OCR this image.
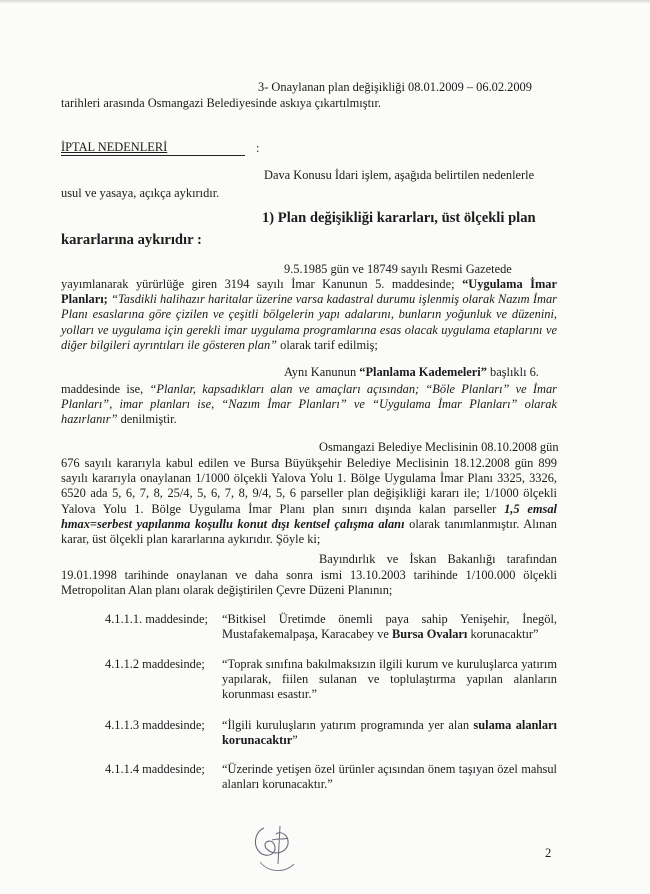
3- Onaylanan plan değişikliği 08.01.2009 – 06.02.2009
tarihleri arasında Osmangazi Belediyesinde askıya çıkartılmıştır.
İPTAL NEDENLERİ	:
Dava Konusu İdari işlem, aşağıda belirtilen nedenlerle
usul ve yasaya, açıkça aykırıdır.
1) Plan değişikliği kararları, üst ölçekli plan
kararlarına aykırıdır :
9.5.1985 gün ve 18749 sayılı Resmi Gazetede

yayımlanarak yürürlüğe giren 3194 sayılı İmar Kanunun 5. maddesinde; “Uygulama İmar Planları; “Tasdikli halihazır haritalar üzerine varsa kadastral durumu işlenmiş olarak Nazım İmar Planı esaslarına göre çizilen ve çeşitli bölgelerin yapı adalarını, bunların yoğunluk ve düzenini, yolları ve uygulama için gerekli imar uygulama programlarına esas olacak uygulama etaplarını ve diğer bilgileri ayrıntıları ile gösteren plan” olarak tarif edilmiş;

Aynı Kanunun “Planlama Kademeleri” başlıklı 6.

maddesinde ise, “Planlar, kapsadıkları alan ve amaçları açısından; “Böle Planları” ve İmar Planları”, imar planları ise, “Nazım İmar Planları” ve “Uygulama İmar Planları” olarak hazırlanır” denilmiştir.

Osmangazi Belediye Meclisinin 08.10.2008 gün

676 sayılı kararıyla kabul edilen ve Bursa Büyükşehir Belediye Meclisinin 18.12.2008 gün 899 sayılı kararıyla onaylanan 1/1000 ölçekli Yalova Yolu 1. Bölge Uygulama İmar Planı 3325, 3326, 6520 ada 5, 6, 7, 8, 25/4, 5, 6, 7, 8, 9/4, 5, 6 parseller plan değişikliği kararı ile; 1/1000 ölçekli Yalova Yolu 1. Bölge Uygulama İmar Planı plan sınırı dışında kalan parseller 1,5 emsal hmax=serbest yapılanma koşullu konut dışı kentsel çalışma alanı olarak tanımlanmıştır. Alınan karar, üst ölçekli plan kararlarına aykırıdır. Şöyle ki;

Bayındırlık ve İskan Bakanlığı tarafından

19.01.1998 tarihinde onaylanan ve daha sonra ismi 13.10.2003 tarihinde 1/100.000 ölçekli Metropolitan Alan planı olarak değiştirilen Çevre Düzeni Planının;

4.1.1.1. maddesinde;	“Bitkisel Üretimde önemli paya sahip Yenişehir, İnegöl, Mustafakemalpaşa, Karacabey ve Bursa Ovaları korunacaktır”

4.1.1.2 maddesinde;	“Toprak sınıfına bakılmaksızın ilgili kurum ve kuruluşlarca yatırım yapılarak, fiilen sulanan ve toplulaştırma yapılan alanların korunması esastır.”

4.1.1.3 maddesinde;	“İlgili kuruluşların yatırım programında yer alan sulama alanları korunacaktır”

4.1.1.4 maddesinde;	“Üzerinde yetişen özel ürünler açısından önem taşıyan özel mahsul alanları korunacaktır.”

2
